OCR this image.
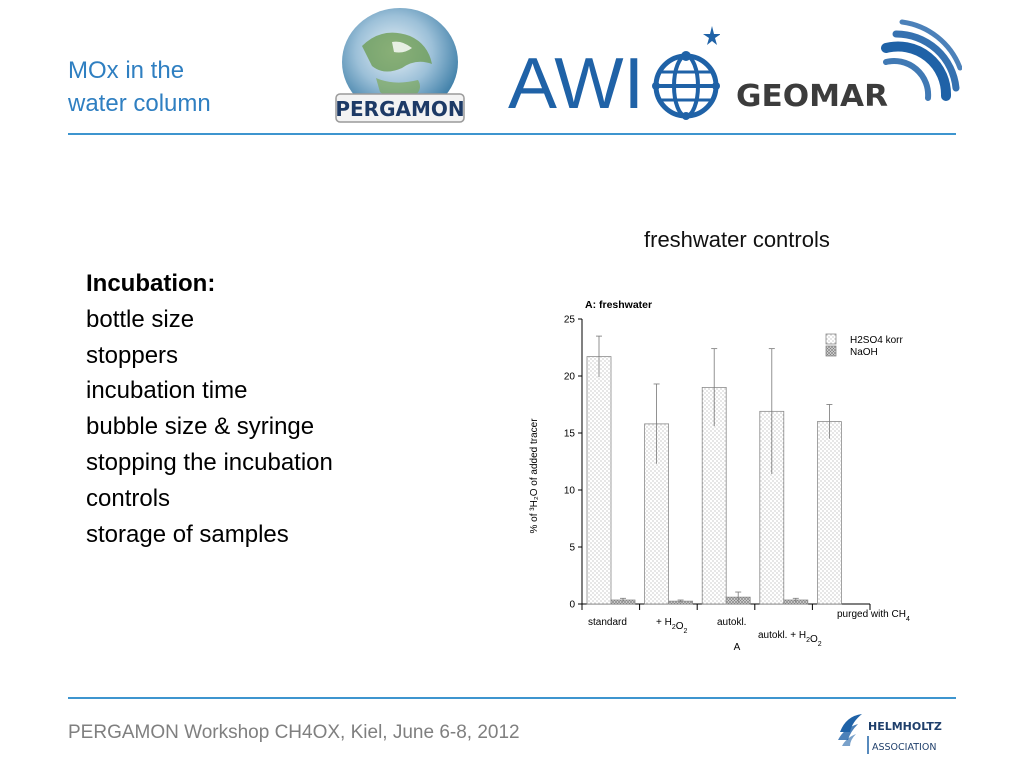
MOx in the
water column	PERGAMON AWI	GEOMAR
freshwater controls
Incubation:
bottle size
stoppers
incubation time
bubble size & syringe
stopping the incubation
controls
storage of samples
A: freshwater
% of ³H₂O of added tracer
0
5
10
15
20
25
H2SO4 korr
NaOH
standard	+ $H_2O_2$
autokl.
autokl. + $H_2O_2$
purged with $CH_4$
A
PERGAMON Workshop CH4OX, Kiel, June 6-8, 2012	HELMHOLTZ
ASSOCIATION
